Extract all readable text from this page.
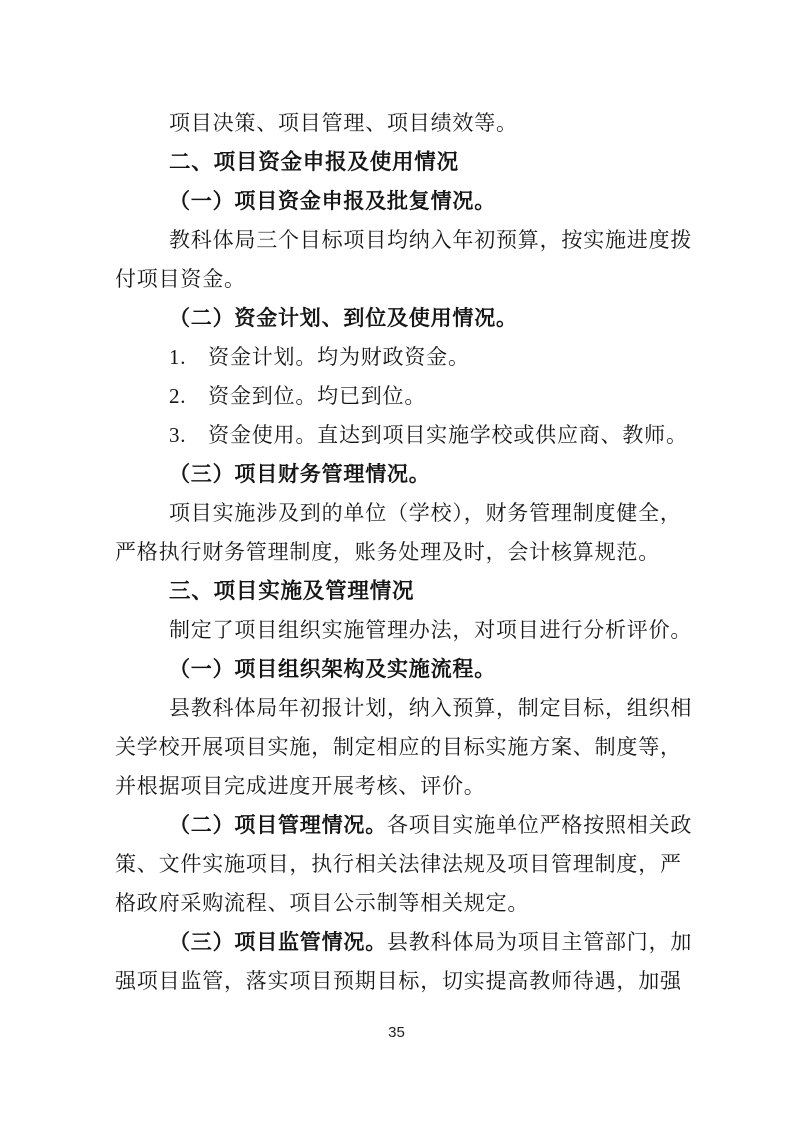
项目决策、项目管理、项目绩效等。
二、项目资金申报及使用情况
（一）项目资金申报及批复情况。
教科体局三个目标项目均纳入年初预算，按实施进度拨
付项目资金。
（二）资金计划、到位及使用情况。
1.　资金计划。均为财政资金。
2.　资金到位。均已到位。
3.　资金使用。直达到项目实施学校或供应商、教师。
（三）项目财务管理情况。
项目实施涉及到的单位（学校），财务管理制度健全，
严格执行财务管理制度，账务处理及时，会计核算规范。
三、项目实施及管理情况
制定了项目组织实施管理办法，对项目进行分析评价。
（一）项目组织架构及实施流程。
县教科体局年初报计划，纳入预算，制定目标，组织相
关学校开展项目实施，制定相应的目标实施方案、制度等，
并根据项目完成进度开展考核、评价。
（二）项目管理情况。各项目实施单位严格按照相关政
策、文件实施项目，执行相关法律法规及项目管理制度，严
格政府采购流程、项目公示制等相关规定。
（三）项目监管情况。县教科体局为项目主管部门，加
强项目监管，落实项目预期目标，切实提高教师待遇，加强
35
